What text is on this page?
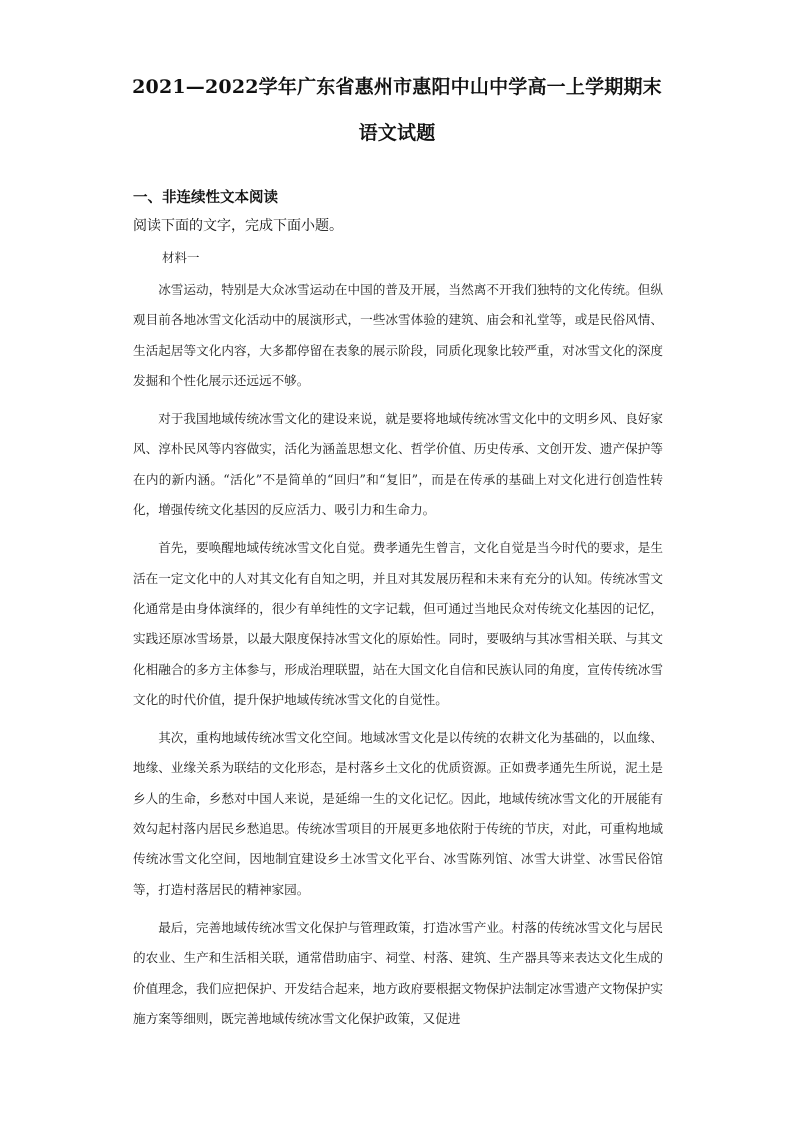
2021—2022学年广东省惠州市惠阳中山中学高一上学期期末
语文试题
一、非连续性文本阅读
阅读下面的文字，完成下面小题。
材料一

冰雪运动，特别是大众冰雪运动在中国的普及开展，当然离不开我们独特的文化传统。但纵观目前各地冰雪文化活动中的展演形式，一些冰雪体验的建筑、庙会和礼堂等，或是民俗风情、生活起居等文化内容，大多都停留在表象的展示阶段，同质化现象比较严重，对冰雪文化的深度发掘和个性化展示还远远不够。

对于我国地域传统冰雪文化的建设来说，就是要将地域传统冰雪文化中的文明乡风、良好家风、淳朴民风等内容做实，活化为涵盖思想文化、哲学价值、历史传承、文创开发、遗产保护等在内的新内涵。“活化”不是简单的“回归”和“复旧”，而是在传承的基础上对文化进行创造性转化，增强传统文化基因的反应活力、吸引力和生命力。

首先，要唤醒地域传统冰雪文化自觉。费孝通先生曾言，文化自觉是当今时代的要求，是生活在一定文化中的人对其文化有自知之明，并且对其发展历程和未来有充分的认知。传统冰雪文化通常是由身体演绎的，很少有单纯性的文字记载，但可通过当地民众对传统文化基因的记忆，实践还原冰雪场景，以最大限度保持冰雪文化的原始性。同时，要吸纳与其冰雪相关联、与其文化相融合的多方主体参与，形成治理联盟，站在大国文化自信和民族认同的角度，宣传传统冰雪文化的时代价值，提升保护地域传统冰雪文化的自觉性。

其次，重构地域传统冰雪文化空间。地域冰雪文化是以传统的农耕文化为基础的，以血缘、地缘、业缘关系为联结的文化形态，是村落乡土文化的优质资源。正如费孝通先生所说，泥土是乡人的生命，乡愁对中国人来说，是延绵一生的文化记忆。因此，地域传统冰雪文化的开展能有效勾起村落内居民乡愁追思。传统冰雪项目的开展更多地依附于传统的节庆，对此，可重构地域传统冰雪文化空间，因地制宜建设乡土冰雪文化平台、冰雪陈列馆、冰雪大讲堂、冰雪民俗馆等，打造村落居民的精神家园。

最后，完善地域传统冰雪文化保护与管理政策，打造冰雪产业。村落的传统冰雪文化与居民的农业、生产和生活相关联，通常借助庙宇、祠堂、村落、建筑、生产器具等来表达文化生成的价值理念，我们应把保护、开发结合起来，地方政府要根据文物保护法制定冰雪遗产文物保护实施方案等细则，既完善地域传统冰雪文化保护政策，又促进
